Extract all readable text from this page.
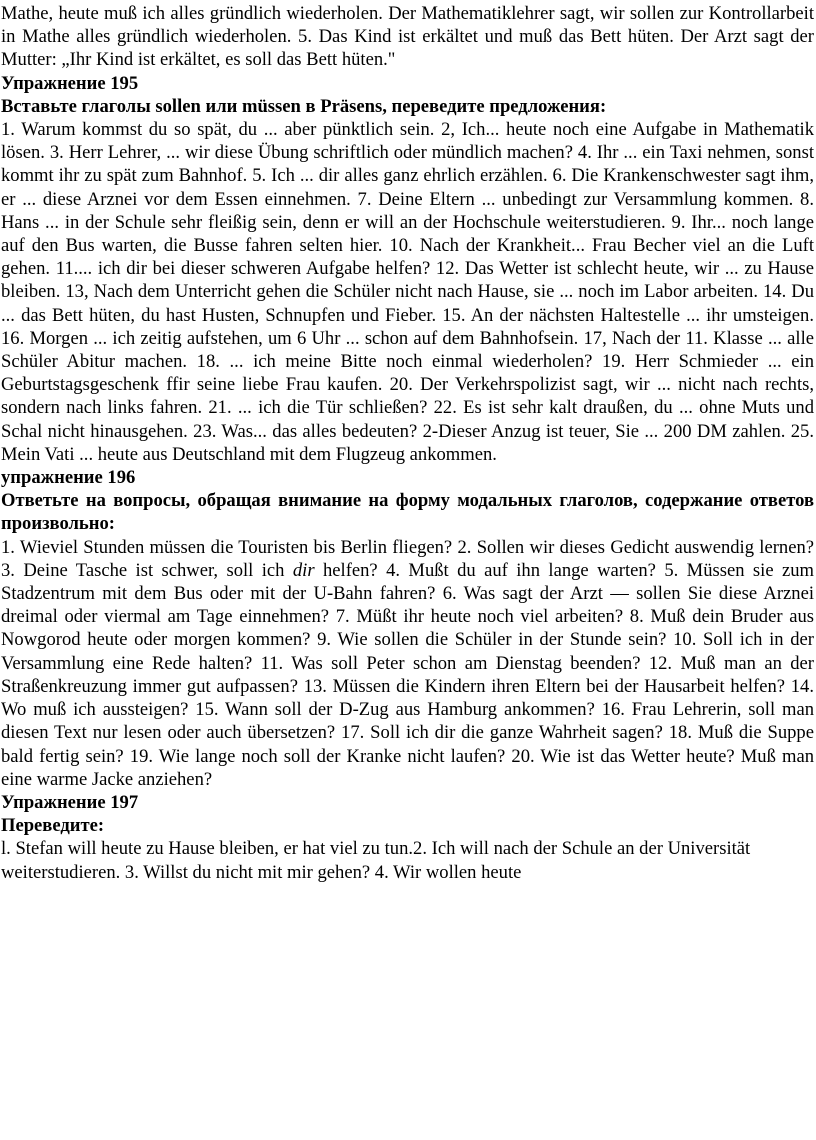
Mathe, heute muß ich alles gründlich wiederholen. Der Mathematiklehrer sagt, wir sollen zur Kontrollarbeit in Mathe alles gründlich wiederholen. 5. Das Kind ist erkältet und muß das Bett hüten. Der Arzt sagt der Mutter: „Ihr Kind ist erkältet, es soll das Bett hüten."

Упражнение 195

Вставьте глаголы sollen или müssen в Präsens, переведите предложения:

1. Warum kommst du so spät, du ... aber pünktlich sein. 2, Ich... heute noch eine Aufgabe in Mathematik lösen. 3. Herr Lehrer, ... wir diese Übung schriftlich oder mündlich machen? 4. Ihr ... ein Taxi nehmen, sonst kommt ihr zu spät zum Bahnhof. 5. Ich ... dir alles ganz ehrlich erzählen. 6. Die Krankenschwester sagt ihm, er ... diese Arznei vor dem Essen einnehmen. 7. Deine Eltern ... unbedingt zur Versammlung kommen. 8. Hans ... in der Schule sehr fleißig sein, denn er will an der Hochschule weiterstudieren. 9. Ihr... noch lange auf den Bus warten, die Busse fahren selten hier. 10. Nach der Krankheit... Frau Becher viel an die Luft gehen. 11.... ich dir bei dieser schweren Aufgabe helfen? 12. Das Wetter ist schlecht heute, wir ... zu Hause bleiben. 13, Nach dem Unterricht gehen die Schüler nicht nach Hause, sie ... noch im Labor arbeiten. 14. Du ... das Bett hüten, du hast Husten, Schnupfen und Fieber. 15. An der nächsten Haltestelle ... ihr umsteigen. 16. Morgen ... ich zeitig aufstehen, um 6 Uhr ... schon auf dem Bahnhofsein. 17, Nach der 11. Klasse ... alle Schüler Abitur machen. 18. ... ich meine Bitte noch einmal wiederholen? 19. Herr Schmieder ... ein Geburtstagsgeschenk ffir seine liebe Frau kaufen. 20. Der Verkehrspolizist sagt, wir ... nicht nach rechts, sondern nach links fahren. 21. ... ich die Tür schließen? 22. Es ist sehr kalt draußen, du ... ohne Muts und Schal nicht hinausgehen. 23. Was... das alles bedeuten? 2-Dieser Anzug ist teuer, Sie ... 200 DM zahlen. 25. Mein Vati ... heute aus Deutschland mit dem Flugzeug ankommen.

упражнение 196

Ответьте на вопросы, обращая внимание на форму модальных глаголов, содержание ответов произвольно:

1. Wieviel Stunden müssen die Touristen bis Berlin fliegen? 2. Sollen wir dieses Gedicht auswendig lernen? 3. Deine Tasche ist schwer, soll ich dir helfen? 4. Mußt du auf ihn lange warten? 5. Müssen sie zum Stadzentrum mit dem Bus oder mit der U-Bahn fahren? 6. Was sagt der Arzt — sollen Sie diese Arznei dreimal oder viermal am Tage einnehmen? 7. Müßt ihr heute noch viel arbeiten? 8. Muß dein Bruder aus Nowgorod heute oder morgen kommen? 9. Wie sollen die Schüler in der Stunde sein? 10. Soll ich in der Versammlung eine Rede halten? 11. Was soll Peter schon am Dienstag beenden? 12. Muß man an der Straßenkreuzung immer gut aufpassen? 13. Müssen die Kindern ihren Eltern bei der Hausarbeit helfen? 14. Wo muß ich aussteigen? 15. Wann soll der D-Zug aus Hamburg ankommen? 16. Frau Lehrerin, soll man diesen Text nur lesen oder auch übersetzen? 17. Soll ich dir die ganze Wahrheit sagen? 18. Muß die Suppe bald fertig sein? 19. Wie lange noch soll der Kranke nicht laufen? 20. Wie ist das Wetter heute? Muß man eine warme Jacke anziehen?

Упражнение 197

Переведите:

l. Stefan will heute zu Hause bleiben, er hat viel zu tun.2. Ich will nach der Schule an der Universität weiterstudieren. 3. Willst du nicht mit mir gehen? 4. Wir wollen heute
